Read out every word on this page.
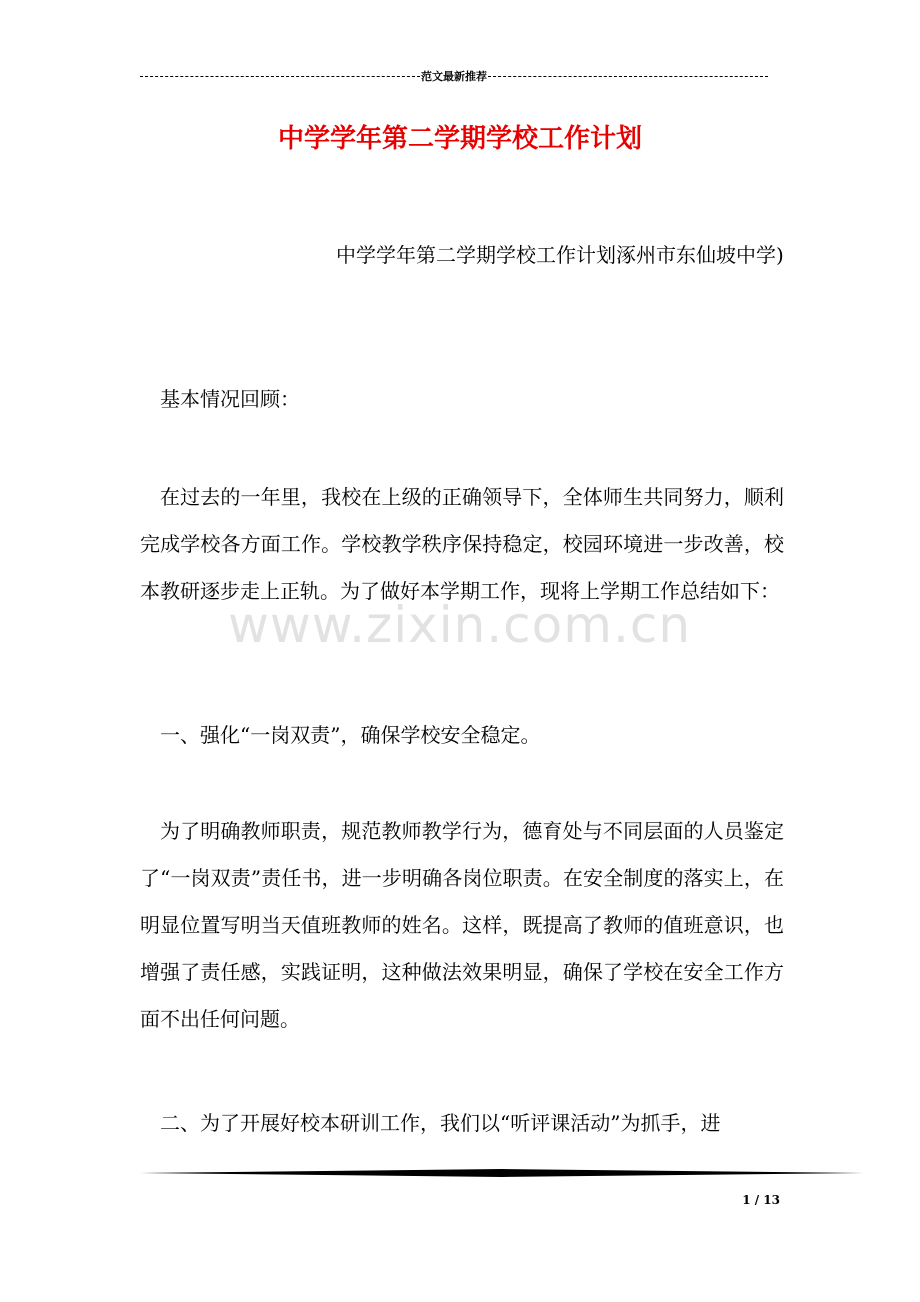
范文最新推荐
中学学年第二学期学校工作计划
中学学年第二学期学校工作计划涿州市东仙坡中学)
基本情况回顾：
在过去的一年里，我校在上级的正确领导下，全体师生共同努力，顺利完成学校各方面工作。学校教学秩序保持稳定，校园环境进一步改善，校本教研逐步走上正轨。为了做好本学期工作，现将上学期工作总结如下：
一、强化“一岗双责”，确保学校安全稳定。
为了明确教师职责，规范教师教学行为，德育处与不同层面的人员鉴定了“一岗双责”责任书，进一步明确各岗位职责。在安全制度的落实上，在明显位置写明当天值班教师的姓名。这样，既提高了教师的值班意识，也增强了责任感，实践证明，这种做法效果明显，确保了学校在安全工作方面不出任何问题。
二、为了开展好校本研训工作，我们以“听评课活动”为抓手，进
www.zixin.com.cn
1 / 13
